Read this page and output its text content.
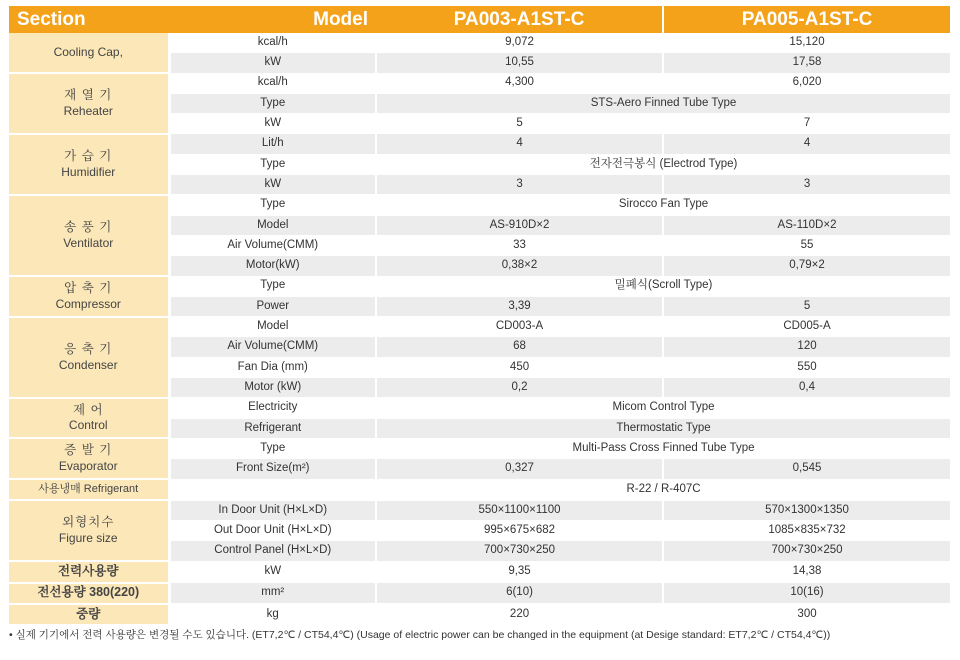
Section Model		PA003-A1ST-C	PA005-A1ST-C

Cooling Cap,	kcal/h	9,072	15,120
	kW	10,55	17,58

재 열 기
Reheater	kcal/h	4,300	6,020
	Type	STS-Aero Finned Tube Type	
	kW	5	7

가 습 기
Humidifier	Lit/h	4	4
	Type	전자전극봉식 (Electrod Type)	
	kW	3	3

송 풍 기
Ventilator	Type	Sirocco Fan Type	
	Model	AS-910D×2	AS-110D×2
	Air Volume(CMM)	33	55
	Motor(kW)	0,38×2	0,79×2

압 축 기
Compressor	Type	밀폐식(Scroll Type)	
	Power	3,39	5

응 축 기
Condenser	Model	CD003-A	CD005-A
	Air Volume(CMM)	68	120
	Fan Dia (mm)	450	550
	Motor (kW)	0,2	0,4

제 어
Control	Electricity	Micom Control Type	
	Refrigerant	Thermostatic Type	

증 발 기
Evaporator	Type	Multi-Pass Cross Finned Tube Type	
	Front Size(m²)	0,327	0,545

사용냉매 Refrigerant		R-22 / R-407C	

외형치수
Figure size	In Door Unit (H×L×D)	550×1100×1100	570×1300×1350
	Out Door Unit (H×L×D)	995×675×682	1085×835×732
	Control Panel (H×L×D)	700×730×250	700×730×250

전력사용량	kW	9,35	14,38

전선용량 380(220)	mm²	6(10)	10(16)

중량	kg	220	300
• 실제 기기에서 전력 사용량은 변경될 수도 있습니다. (ET7,2℃ / CT54,4℃) (Usage of electric power can be changed in the equipment (at Desige standard: ET7,2℃ / CT54,4℃))
